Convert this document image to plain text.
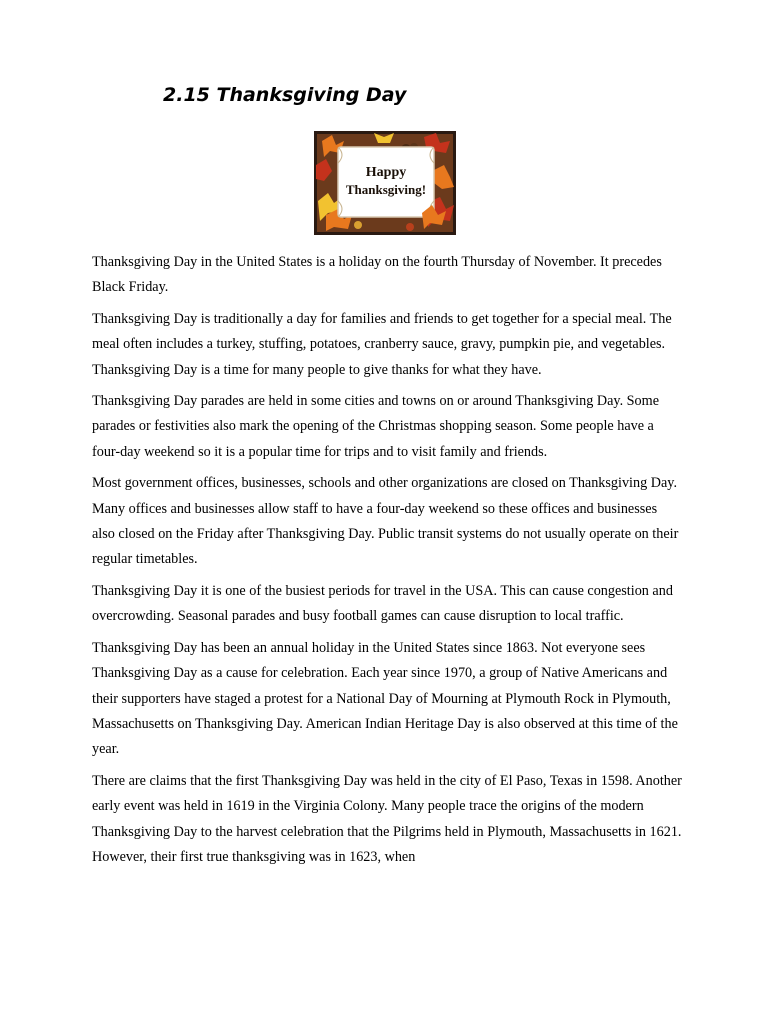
2.15 Thanksgiving Day
Happy
Thanksgiving!

Thanksgiving Day in the United States is a holiday on the fourth Thursday of November. It precedes Black Friday.

Thanksgiving Day is traditionally a day for families and friends to get together for a special meal. The meal often includes a turkey, stuffing, potatoes, cranberry sauce, gravy, pumpkin pie, and vegetables. Thanksgiving Day is a time for many people to give thanks for what they have.

Thanksgiving Day parades are held in some cities and towns on or around Thanksgiving Day. Some parades or festivities also mark the opening of the Christmas shopping season. Some people have a four-day weekend so it is a popular time for trips and to visit family and friends.

Most government offices, businesses, schools and other organizations are closed on Thanksgiving Day. Many offices and businesses allow staff to have a four-day weekend so these offices and businesses also closed on the Friday after Thanksgiving Day. Public transit systems do not usually operate on their regular timetables.

Thanksgiving Day it is one of the busiest periods for travel in the USA. This can cause congestion and overcrowding. Seasonal parades and busy football games can cause disruption to local traffic.

Thanksgiving Day has been an annual holiday in the United States since 1863. Not everyone sees Thanksgiving Day as a cause for celebration. Each year since 1970, a group of Native Americans and their supporters have staged a protest for a National Day of Mourning at Plymouth Rock in Plymouth, Massachusetts on Thanksgiving Day. American Indian Heritage Day is also observed at this time of the year.

There are claims that the first Thanksgiving Day was held in the city of El Paso, Texas in 1598. Another early event was held in 1619 in the Virginia Colony. Many people trace the origins of the modern Thanksgiving Day to the harvest celebration that the Pilgrims held in Plymouth, Massachusetts in 1621. However, their first true thanksgiving was in 1623, when
